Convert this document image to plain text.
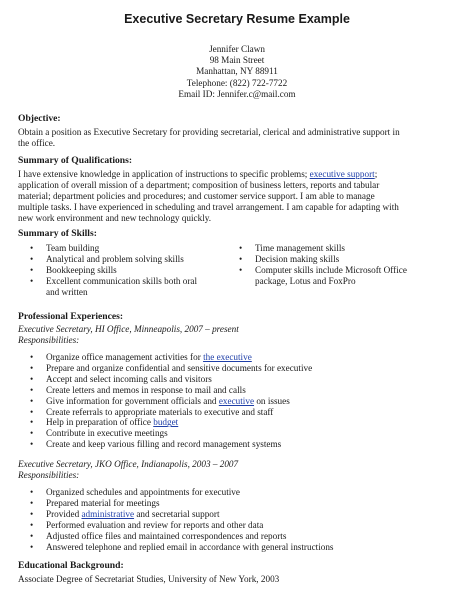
Executive Secretary Resume Example
Jennifer Clawn
98 Main Street
Manhattan, NY 88911
Telephone: (822) 722-7722
Email ID: Jennifer.c@mail.com
Objective:
Obtain a position as Executive Secretary for providing secretarial, clerical and administrative support in
the office.
Summary of Qualifications:
I have extensive knowledge in application of instructions to specific problems; executive support;
application of overall mission of a department; composition of business letters, reports and tabular
material; department policies and procedures; and customer service support. I am able to manage
multiple tasks. I have experienced in scheduling and travel arrangement. I am capable for adapting with
new work environment and new technology quickly.
Summary of Skills:
• Team building
• Analytical and problem solving skills
• Bookkeeping skills
• Excellent communication skills both oral
and written
• Time management skills
• Decision making skills
• Computer skills include Microsoft Office
package, Lotus and FoxPro
Professional Experiences:
Executive Secretary, HI Office, Minneapolis, 2007 – present
Responsibilities:
• Organize office management activities for the executive
• Prepare and organize confidential and sensitive documents for executive
• Accept and select incoming calls and visitors
• Create letters and memos in response to mail and calls
• Give information for government officials and executive on issues
• Create referrals to appropriate materials to executive and staff
• Help in preparation of office budget
• Contribute in executive meetings
• Create and keep various filling and record management systems
Executive Secretary, JKO Office, Indianapolis, 2003 – 2007
Responsibilities:
• Organized schedules and appointments for executive
• Prepared material for meetings
• Provided administrative and secretarial support
• Performed evaluation and review for reports and other data
• Adjusted office files and maintained correspondences and reports
• Answered telephone and replied email in accordance with general instructions
Educational Background:
Associate Degree of Secretariat Studies, University of New York, 2003
